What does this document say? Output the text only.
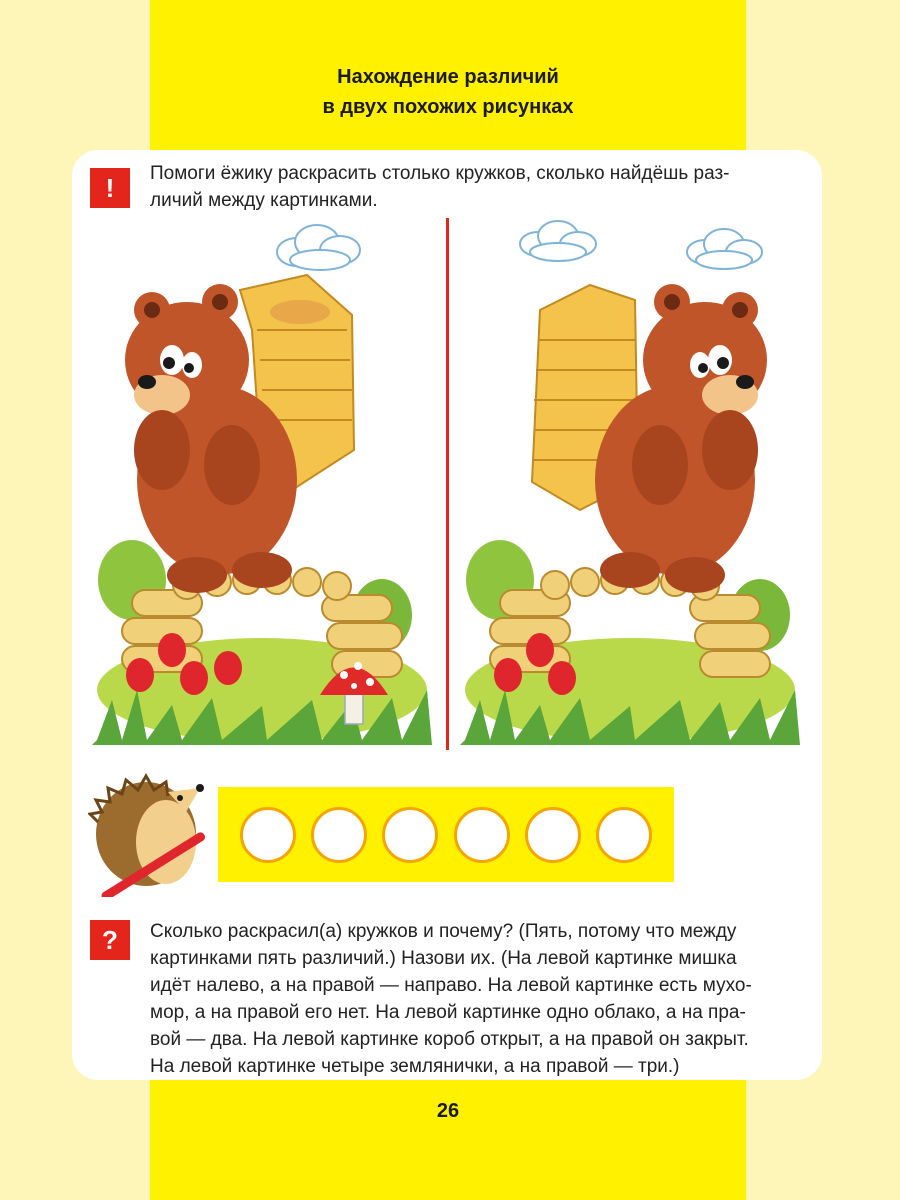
Нахождение различий
в двух похожих рисунках
!	Помоги ёжику раскрасить столько кружков, сколько найдёшь раз-
личий между картинками.
?	Сколько раскрасил(а) кружков и почему? (Пять, потому что между
картинками пять различий.) Назови их. (На левой картинке мишка
идёт налево, а на правой — направо. На левой картинке есть мухо-
мор, а на правой его нет. На левой картинке одно облако, а на пра-
вой — два. На левой картинке короб открыт, а на правой он закрыт.
На левой картинке четыре землянички, а на правой — три.)
26
